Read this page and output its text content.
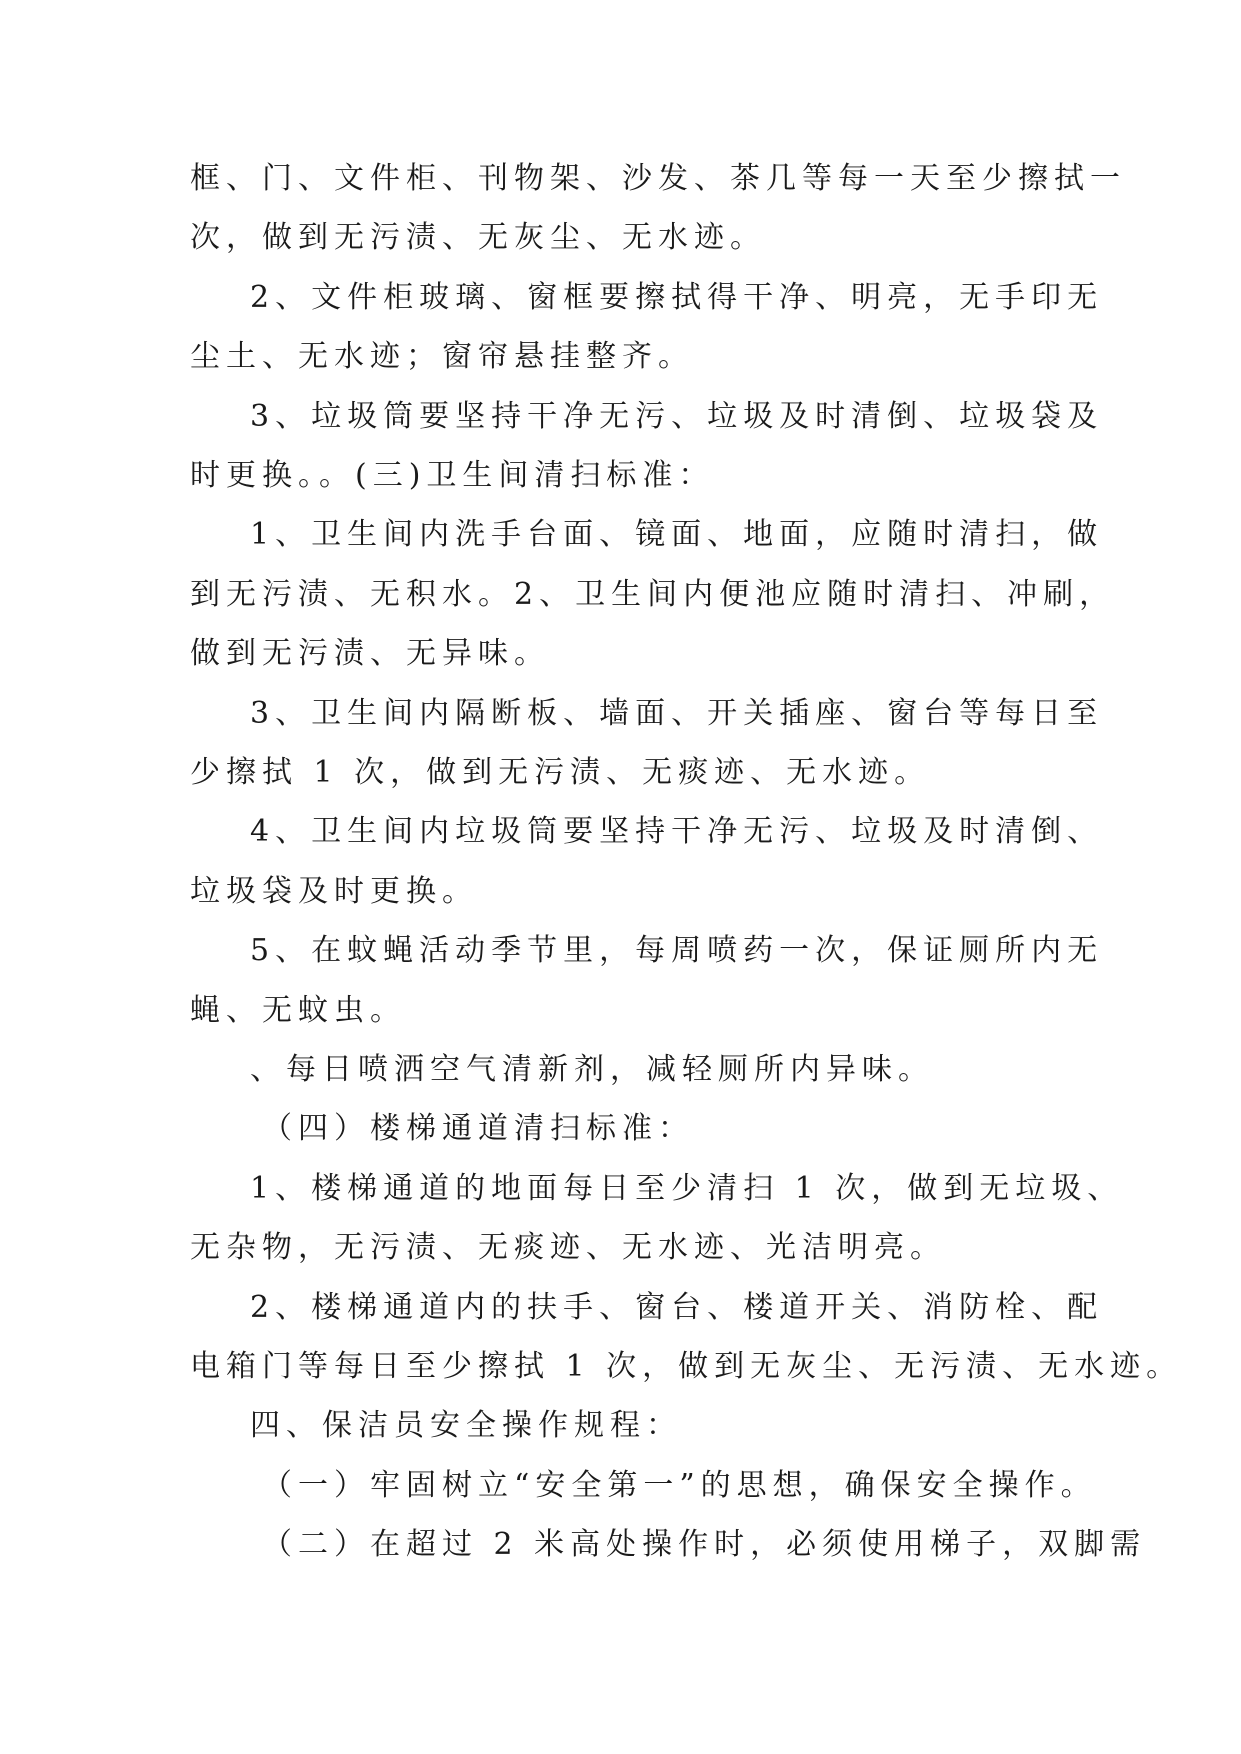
框、门、文件柜、刊物架、沙发、茶几等每一天至少擦拭一
次，做到无污渍、无灰尘、无水迹。
2、文件柜玻璃、窗框要擦拭得干净、明亮，无手印无
尘土、无水迹；窗帘悬挂整齐。
3、垃圾筒要坚持干净无污、垃圾及时清倒、垃圾袋及
时更换。。(三)卫生间清扫标准：
1、卫生间内洗手台面、镜面、地面，应随时清扫，做
到无污渍、无积水。2、卫生间内便池应随时清扫、冲刷，
做到无污渍、无异味。
3、卫生间内隔断板、墙面、开关插座、窗台等每日至
少擦拭 1 次，做到无污渍、无痰迹、无水迹。
4、卫生间内垃圾筒要坚持干净无污、垃圾及时清倒、
垃圾袋及时更换。
5、在蚊蝇活动季节里，每周喷药一次，保证厕所内无
蝇、无蚊虫。
、每日喷洒空气清新剂，减轻厕所内异味。
（四）楼梯通道清扫标准：
1、楼梯通道的地面每日至少清扫 1 次，做到无垃圾、
无杂物，无污渍、无痰迹、无水迹、光洁明亮。
2、楼梯通道内的扶手、窗台、楼道开关、消防栓、配
电箱门等每日至少擦拭 1 次，做到无灰尘、无污渍、无水迹。
四、保洁员安全操作规程：
（一）牢固树立“安全第一”的思想，确保安全操作。
（二）在超过 2 米高处操作时，必须使用梯子，双脚需
